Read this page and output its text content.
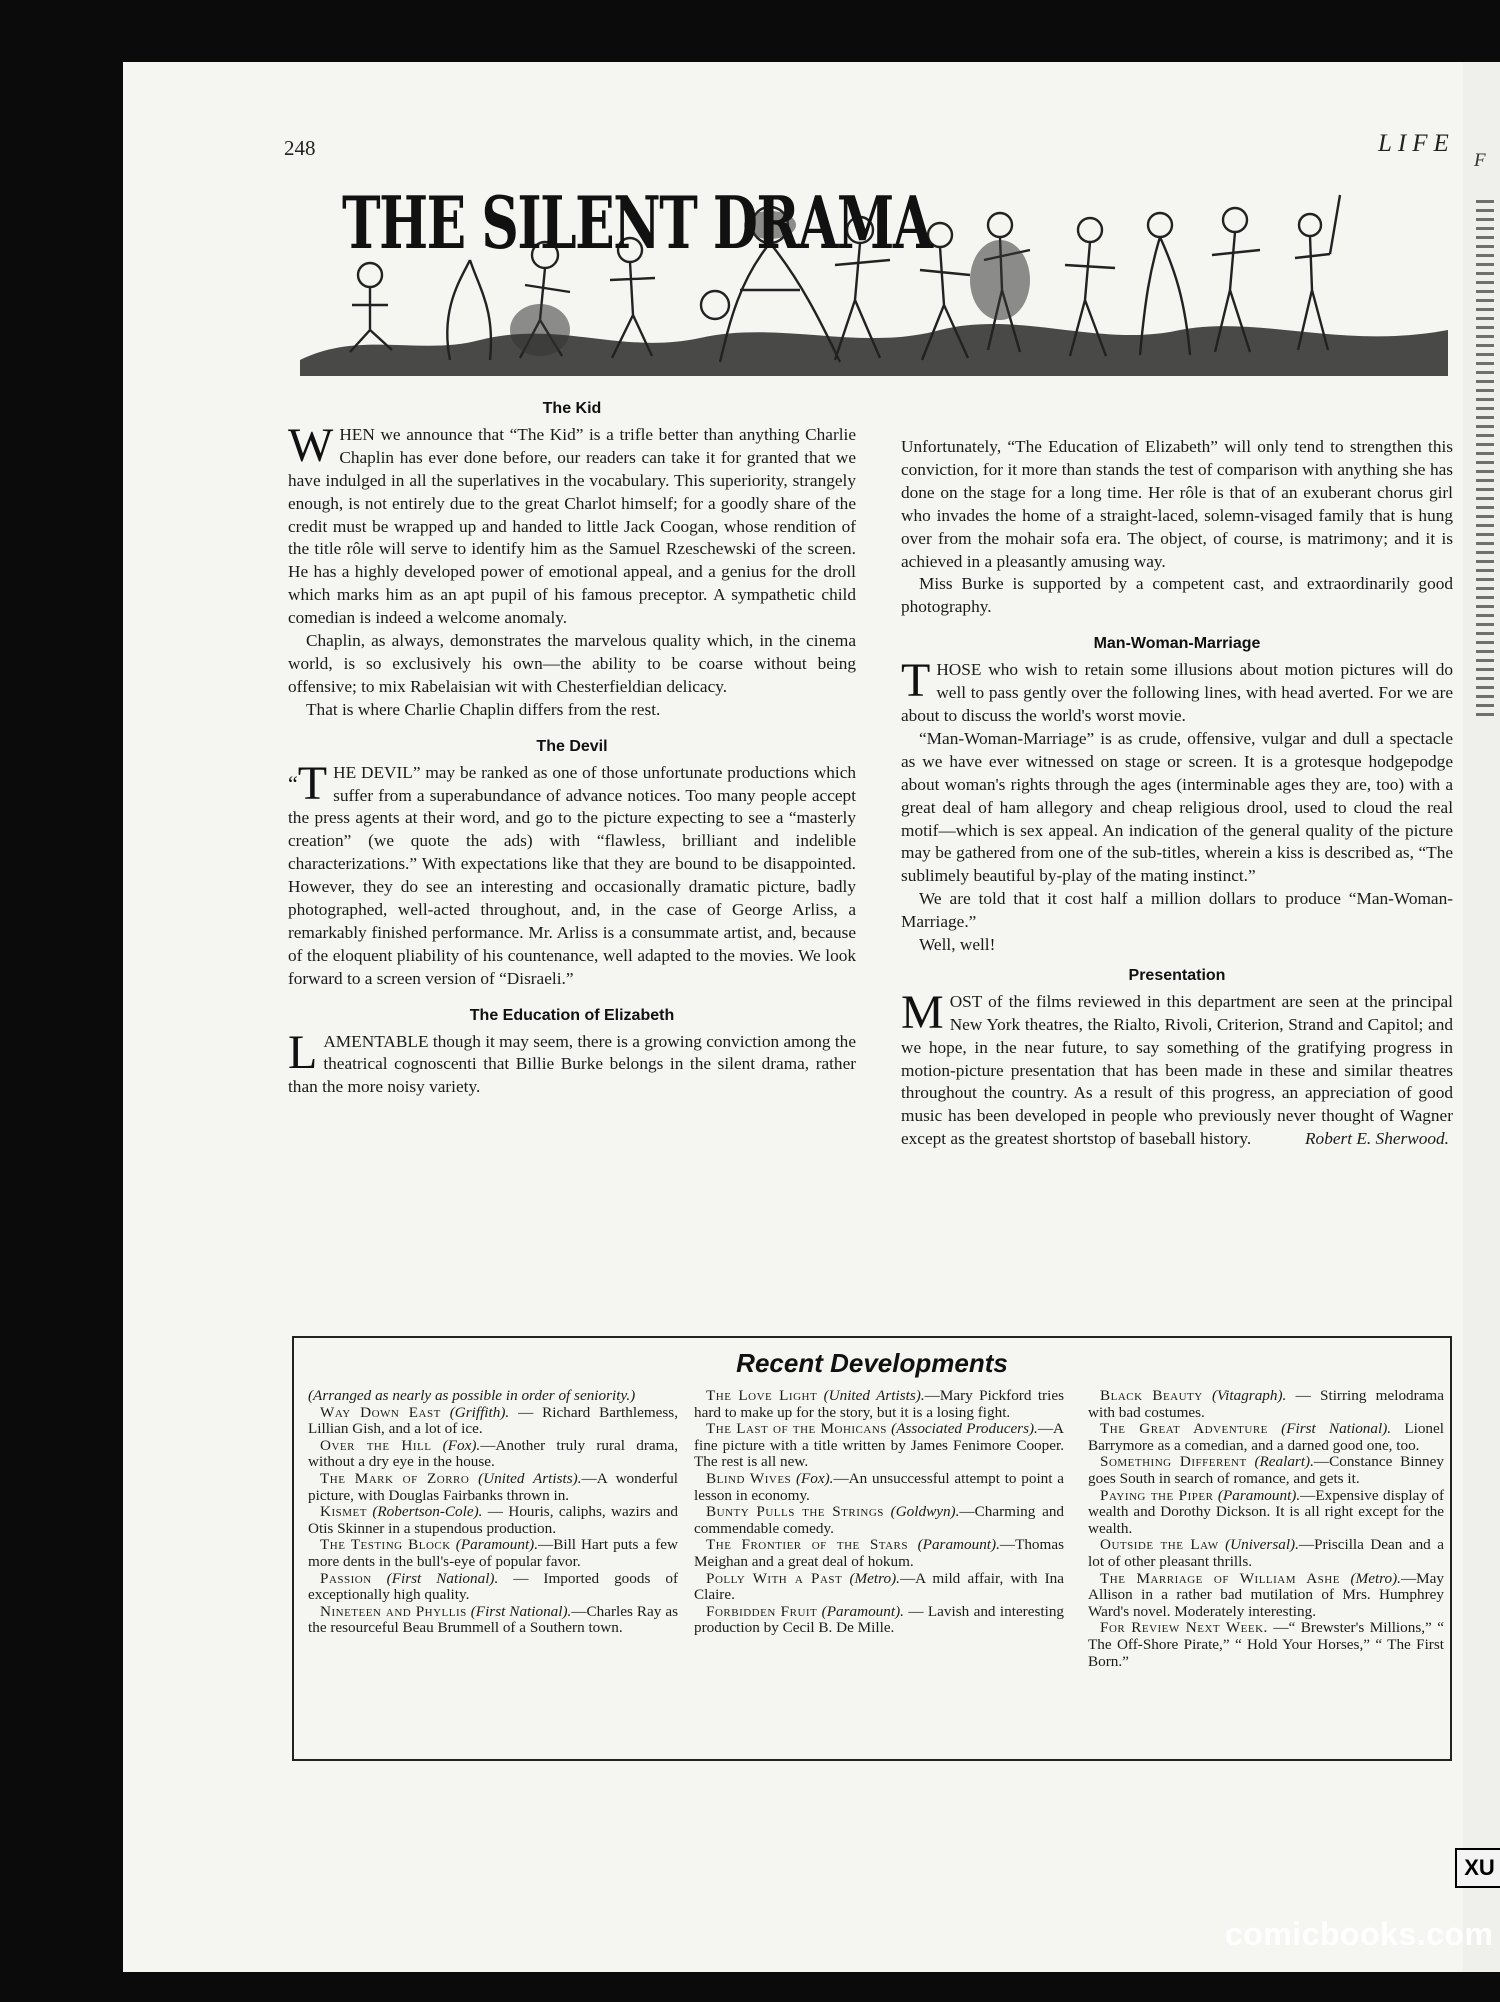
F
XU
comicbooks.com
248	LIFE
THE SILENT DRAMA
The Kid

WHEN we announce that “The Kid” is a trifle better than anything Charlie Chaplin has ever done before, our readers can take it for granted that we have indulged in all the superlatives in the vocabulary. This superiority, strangely enough, is not entirely due to the great Charlot himself; for a goodly share of the credit must be wrapped up and handed to little Jack Coogan, whose rendition of the title rôle will serve to identify him as the Samuel Rzeschewski of the screen. He has a highly developed power of emotional appeal, and a genius for the droll which marks him as an apt pupil of his famous preceptor. A sympathetic child comedian is indeed a welcome anomaly.

Chaplin, as always, demonstrates the marvelous quality which, in the cinema world, is so exclusively his own—the ability to be coarse without being offensive; to mix Rabelaisian wit with Chesterfieldian delicacy.

That is where Charlie Chaplin differs from the rest.

The Devil

“T HE DEVIL” may be ranked as one of those unfortunate productions which suffer from a superabundance of advance notices. Too many people accept the press agents at their word, and go to the picture expecting to see a “masterly creation” (we quote the ads) with “flawless, brilliant and indelible characterizations.” With expectations like that they are bound to be disappointed. However, they do see an interesting and occasionally dramatic picture, badly photographed, well-acted throughout, and, in the case of George Arliss, a remarkably finished performance. Mr. Arliss is a consummate artist, and, because of the eloquent pliability of his countenance, well adapted to the movies. We look forward to a screen version of “Disraeli.”

The Education of Elizabeth

LAMENTABLE though it may seem, there is a growing conviction among the theatrical cognoscenti that Billie Burke belongs in the silent drama, rather than the more noisy variety.

Unfortunately, “The Education of Elizabeth” will only tend to strengthen this conviction, for it more than stands the test of comparison with anything she has done on the stage for a long time. Her rôle is that of an exuberant chorus girl who invades the home of a straight-laced, solemn-visaged family that is hung over from the mohair sofa era. The object, of course, is matrimony; and it is achieved in a pleasantly amusing way.

Miss Burke is supported by a competent cast, and extraordinarily good photography.

Man-Woman-Marriage

THOSE who wish to retain some illusions about motion pictures will do well to pass gently over the following lines, with head averted. For we are about to discuss the world's worst movie.

“Man-Woman-Marriage” is as crude, offensive, vulgar and dull a spectacle as we have ever witnessed on stage or screen. It is a grotesque hodgepodge about woman's rights through the ages (interminable ages they are, too) with a great deal of ham allegory and cheap religious drool, used to cloud the real motif—which is sex appeal. An indication of the general quality of the picture may be gathered from one of the sub-titles, wherein a kiss is described as, “The sublimely beautiful by-play of the mating instinct.”

We are told that it cost half a million dollars to produce “Man-Woman-Marriage.”

Well, well!

Presentation

MOST of the films reviewed in this department are seen at the principal New York theatres, the Rialto, Rivoli, Criterion, Strand and Capitol; and we hope, in the near future, to say something of the gratifying progress in motion-picture presentation that has been made in these and similar theatres throughout the country. As a result of this progress, an appreciation of good music has been developed in people who previously never thought of Wagner except as the greatest shortstop of baseball history.	Robert E. Sherwood.

Recent Developments

(Arranged as nearly as possible in order of seniority.)

Way Down East (Griffith). — Richard Barthlemess, Lillian Gish, and a lot of ice.

Over the Hill (Fox).—Another truly rural drama, without a dry eye in the house.

The Mark of Zorro (United Artists).—A wonderful picture, with Douglas Fairbanks thrown in.

Kismet (Robertson-Cole). — Houris, caliphs, wazirs and Otis Skinner in a stupendous production.

The Testing Block (Paramount).—Bill Hart puts a few more dents in the bull's-eye of popular favor.

Passion (First National). — Imported goods of exceptionally high quality.

Nineteen and Phyllis (First National).—Charles Ray as the resourceful Beau Brummell of a Southern town.

The Love Light (United Artists).—Mary Pickford tries hard to make up for the story, but it is a losing fight.

The Last of the Mohicans (Associated Producers).—A fine picture with a title written by James Fenimore Cooper. The rest is all new.

Blind Wives (Fox).—An unsuccessful attempt to point a lesson in economy.

Bunty Pulls the Strings (Goldwyn).—Charming and commendable comedy.

The Frontier of the Stars (Paramount).—Thomas Meighan and a great deal of hokum.

Polly With a Past (Metro).—A mild affair, with Ina Claire.

Forbidden Fruit (Paramount). — Lavish and interesting production by Cecil B. De Mille.

Black Beauty (Vitagraph). — Stirring melodrama with bad costumes.

The Great Adventure (First National). Lionel Barrymore as a comedian, and a darned good one, too.

Something Different (Realart).—Constance Binney goes South in search of romance, and gets it.

Paying the Piper (Paramount).—Expensive display of wealth and Dorothy Dickson. It is all right except for the wealth.

Outside the Law (Universal).—Priscilla Dean and a lot of other pleasant thrills.

The Marriage of William Ashe (Metro).—May Allison in a rather bad mutilation of Mrs. Humphrey Ward's novel. Moderately interesting.

For Review Next Week. —“ Brewster's Millions,” “ The Off-Shore Pirate,” “ Hold Your Horses,” “ The First Born.”
